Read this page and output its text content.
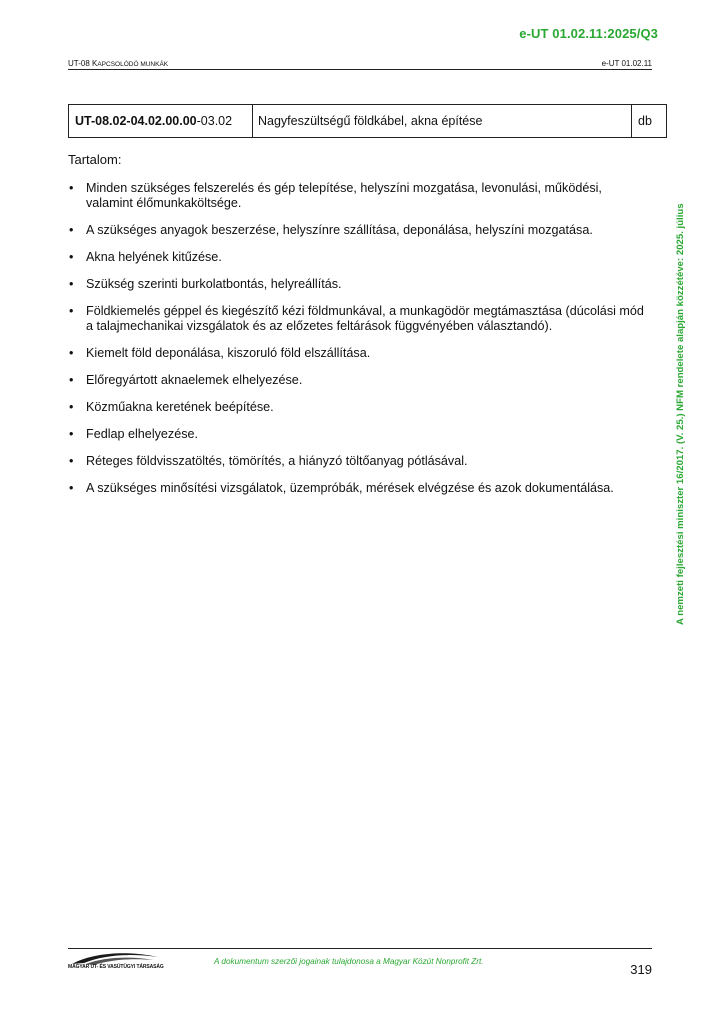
e-UT 01.02.11:2025/Q3
UT-08 KAPCSOLÓDÓ MUNKÁK	e-UT 01.02.11
A nemzeti fejlesztési miniszter 16/2017. (V. 25.) NFM rendelete alapján közzétéve: 2025. július
UT-08.02-04.02.00.00 -03.02 Nagyfeszültségű földkábel, akna építése	db
Tartalom:
• Minden szükséges felszerelés és gép telepítése, helyszíni mozgatása, levonulási, működési, valamint élőmunkaköltsége.
• A szükséges anyagok beszerzése, helyszínre szállítása, deponálása, helyszíni mozgatása.
• Akna helyének kitűzése.
• Szükség szerinti burkolatbontás, helyreállítás.
• Földkiemelés géppel és kiegészítő kézi földmunkával, a munkagödör megtámasztása (dúcolási mód a talajmechanikai vizsgálatok és az előzetes feltárások függvényében választandó).
• Kiemelt föld deponálása, kiszoruló föld elszállítása.
• Előregyártott aknaelemek elhelyezése.
• Közműakna keretének beépítése.
• Fedlap elhelyezése.
• Réteges földvisszatöltés, tömörítés, a hiányzó töltőanyag pótlásával.
• A szükséges minősítési vizsgálatok, üzempróbák, mérések elvégzése és azok dokumentálása.
MAGYAR ÚT- ÉS VASÚTÜGYI TÁRSASÁG
A dokumentum szerzői jogainak tulajdonosa a Magyar Közút Nonprofit Zrt.
319
